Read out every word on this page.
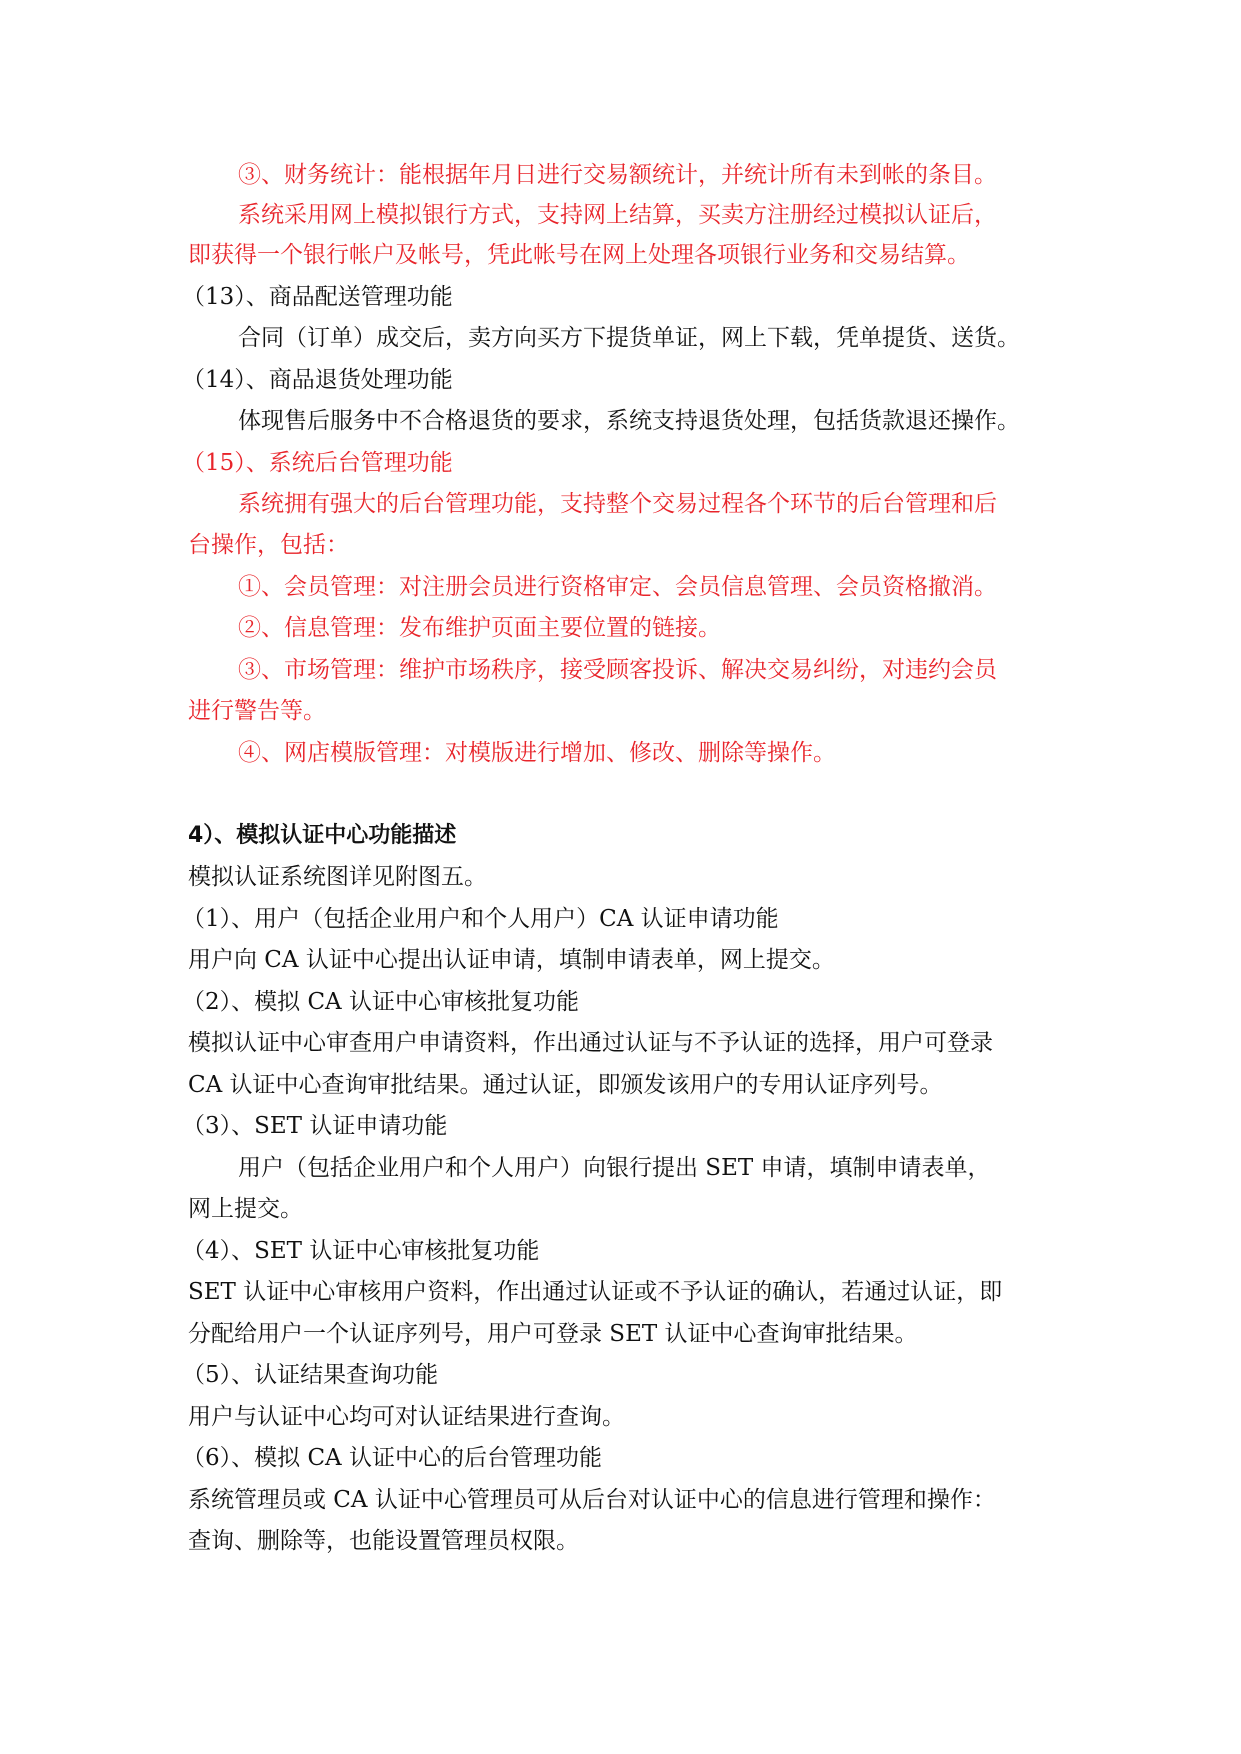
③、财务统计：能根据年月日进行交易额统计，并统计所有未到帐的条目。
系统采用网上模拟银行方式，支持网上结算，买卖方注册经过模拟认证后，
即获得一个银行帐户及帐号，凭此帐号在网上处理各项银行业务和交易结算。
（13）、商品配送管理功能
合同（订单）成交后，卖方向买方下提货单证，网上下载，凭单提货、送货。
（14）、商品退货处理功能
体现售后服务中不合格退货的要求，系统支持退货处理，包括货款退还操作。
（15）、系统后台管理功能
系统拥有强大的后台管理功能，支持整个交易过程各个环节的后台管理和后
台操作，包括：
①、会员管理：对注册会员进行资格审定、会员信息管理、会员资格撤消。
②、信息管理：发布维护页面主要位置的链接。
③、市场管理：维护市场秩序，接受顾客投诉、解决交易纠纷，对违约会员
进行警告等。
④、网店模版管理：对模版进行增加、修改、删除等操作。
4）、模拟认证中心功能描述
模拟认证系统图详见附图五。
（1）、用户（包括企业用户和个人用户）CA 认证申请功能
用户向 CA 认证中心提出认证申请，填制申请表单，网上提交。
（2）、模拟 CA 认证中心审核批复功能
模拟认证中心审查用户申请资料，作出通过认证与不予认证的选择，用户可登录
CA 认证中心查询审批结果。通过认证，即颁发该用户的专用认证序列号。
（3）、SET 认证申请功能
用户（包括企业用户和个人用户）向银行提出 SET 申请，填制申请表单，
网上提交。
（4）、SET 认证中心审核批复功能
SET 认证中心审核用户资料，作出通过认证或不予认证的确认，若通过认证，即
分配给用户一个认证序列号，用户可登录 SET 认证中心查询审批结果。
（5）、认证结果查询功能
用户与认证中心均可对认证结果进行查询。
（6）、模拟 CA 认证中心的后台管理功能
系统管理员或 CA 认证中心管理员可从后台对认证中心的信息进行管理和操作：
查询、删除等，也能设置管理员权限。
